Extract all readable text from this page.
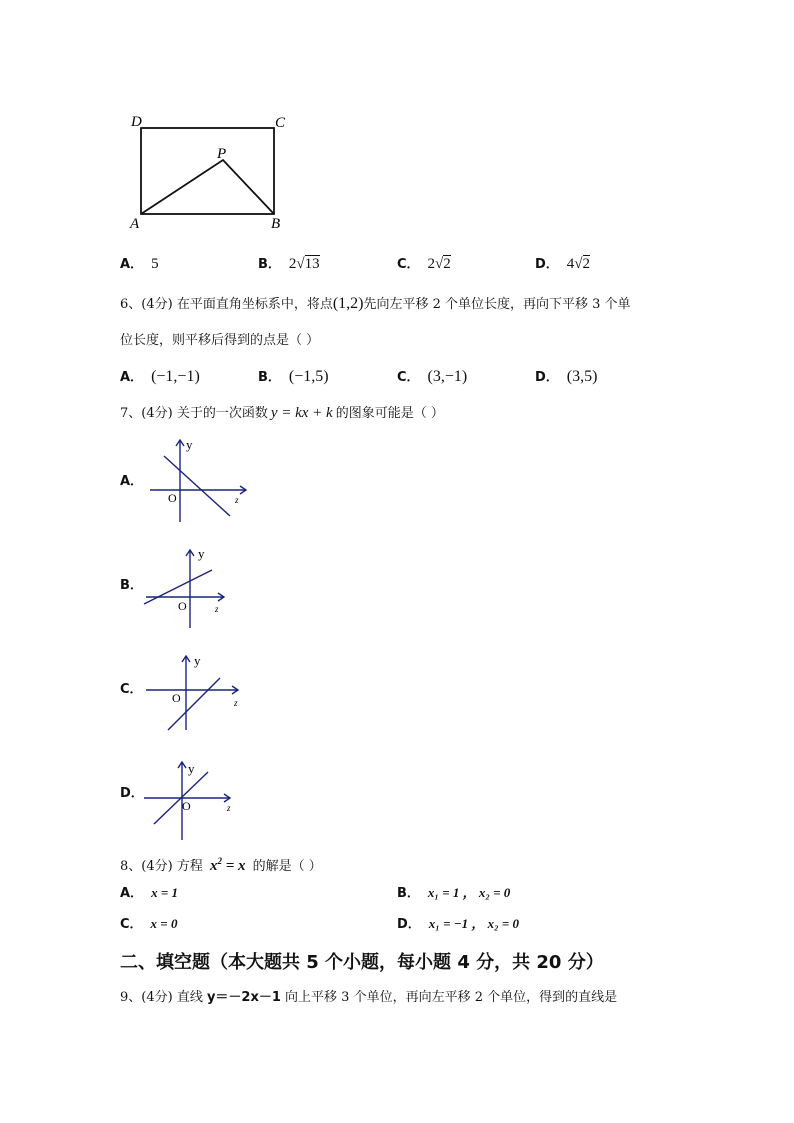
D	C
P
A	B
A． 5	B． 2√13	C． 2√2	D． 4√2
6、(4分) 在平面直角坐标系中，将点(1,2)先向左平移 2 个单位长度，再向下平移 3 个单
位长度，则平移后得到的点是（ ）
A． (−1,−1)	B． (−1,5)	C． (3,−1)	D． (3,5)
7、(4分) 关于的一次函数 y = kx + k 的图象可能是（ ）
A．
y
z
O
B．
y
z
O
C．
y
z
O
D．
y
z
O
8、(4分) 方程 $x^2 = x$ 的解是（ ）
A． x = 1	B． x₁ = 1 ， x₂ = 0
C． x = 0	D． x₁ = −1 ， x₂ = 0
二、填空题（本大题共 5 个小题，每小题 4 分，共 20 分）
9、(4分) 直线 y＝－2x－1 向上平移 3 个单位，再向左平移 2 个单位，得到的直线是
